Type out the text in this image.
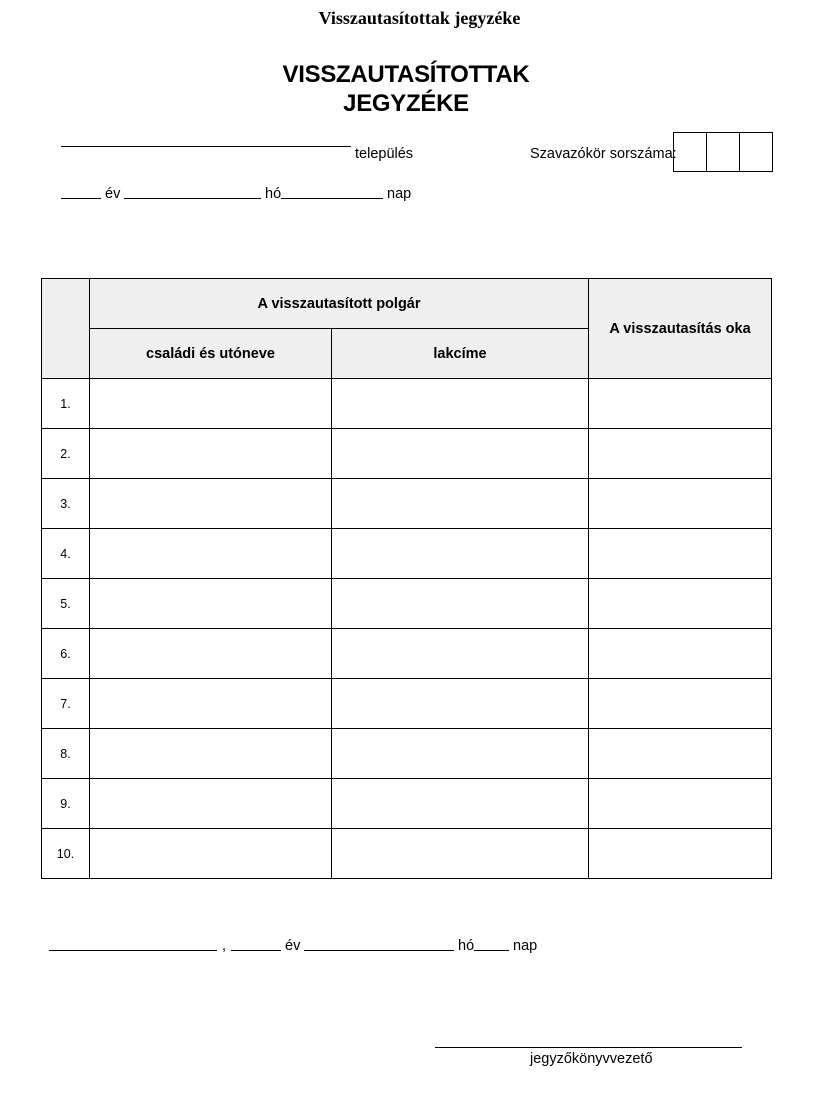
Visszautasítottak jegyzéke
VISSZAUTASÍTOTTAK
JEGYZÉKE
település	Szavazókör sorszáma:
év	hó	nap
	A visszautasított polgár		A visszautasítás oka
	családi és utóneve	lakcíme	
1.			
2.			
3.			
4.			
5.			
6.			
7.			
8.			
9.			
10.			
,	év	hó	nap
jegyzőkönyvvezető
